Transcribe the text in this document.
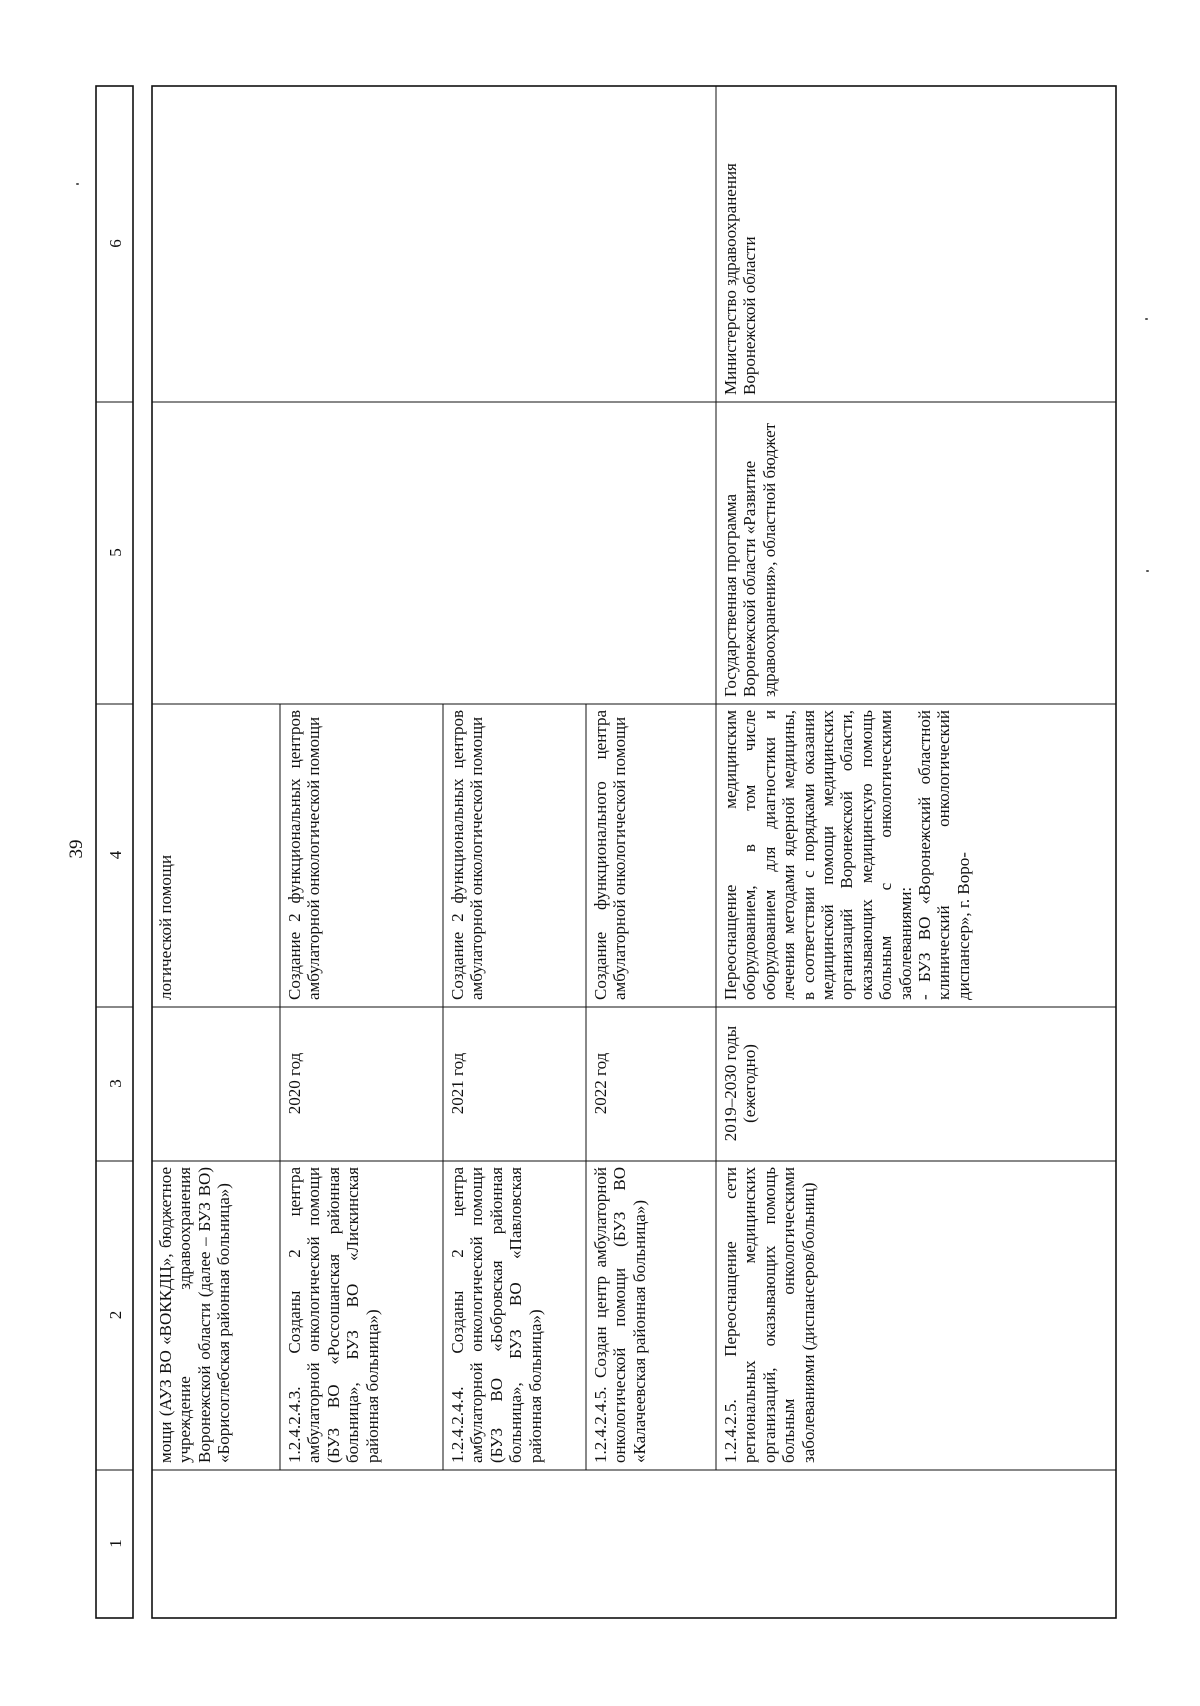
39
1
2
3
4
5
6
мощи (АУЗ ВО «ВОККДЦ», бюджетное учреждение здравоохранения Воронежской области (далее – БУЗ ВО) «Борисоглебская районная больница»)
логической помощи
1.2.4.2.4.3. Созданы 2 центра амбулаторной онкологической помощи (БУЗ ВО «Россошанская районная больница», БУЗ ВО «Лискинская районная больница»)
2020 год
Создание 2 функциональных центров амбулаторной онкологической помощи
1.2.4.2.4.4. Созданы 2 центра амбулаторной онкологической помощи (БУЗ ВО «Бобровская районная больница», БУЗ ВО «Павловская районная больница»)
2021 год
Создание 2 функциональных центров амбулаторной онкологической помощи
1.2.4.2.4.5. Создан центр амбулаторной онкологической помощи (БУЗ ВО «Калачеевская районная больница»)
2022 год
Создание функционального центра амбулаторной онкологической помощи
1.2.4.2.5. Переоснащение сети региональных медицинских организаций, оказывающих помощь больным онкологическими заболеваниями (диспансеров/больниц)
2019–2030 годы (ежегодно)
Переоснащение медицинским оборудованием, в том числе оборудованием для диагностики и лечения методами ядерной медицины, в соответствии с порядками оказания медицинской помощи медицинских организаций Воронежской области, оказывающих медицинскую помощь больным с онкологическими заболеваниями:
- БУЗ ВО «Воронежский областной клинический онкологический диспансер», г. Воро-
Государственная программа Воронежской области «Развитие здравоохранения», областной бюджет
Министерство здравоохранения Воронежской области
